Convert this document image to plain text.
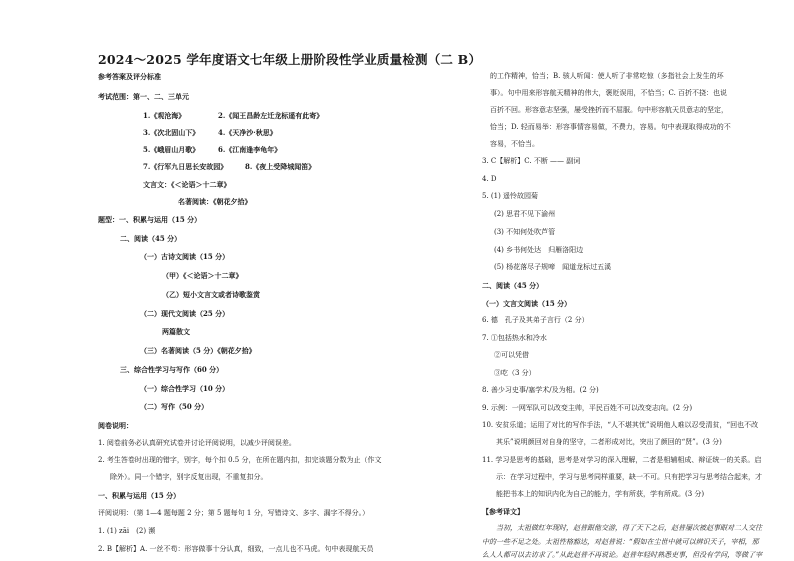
2024～2025 学年度语文七年级上册阶段性学业质量检测（二 B）
参考答案及评分标准
考试范围：第一、二、三单元
1.《观沧海》	2.《闻王昌龄左迁龙标遥有此寄》
3.《次北固山下》	4.《天净沙·秋思》
5.《峨眉山月歌》	6.《江南逢李龟年》
7.《行军九日思长安故园》	8.《夜上受降城闻笛》
文言文：《＜论语＞十二章》
名著阅读：《朝花夕拾》
题型：一、积累与运用（15 分）
二、阅读（45 分）
（一）古诗文阅读（15 分）
（甲）《＜论语＞十二章》
（乙）短小文言文或者诗歌鉴赏
（二）现代文阅读（25 分）
两篇散文
（三）名著阅读（5 分）《朝花夕拾》
三、综合性学习与写作（60 分）
（一）综合性学习（10 分）
（二）写作（50 分）
阅卷说明：
1. 阅卷前务必认真研究试卷并讨论评阅说明，以减少评阅误差。
2. 考生答卷时出现的错字，别字，每个扣 0.5 分，在所在题内扣，扣完该题分数为止（作文
除外）。同一个错字，别字反复出现，不重复扣分。
一、积累与运用（15 分）
评阅说明：（第 1—4 题每题 2 分；第 5 题每句 1 分，写错诗文、多字、漏字不得分。）
1. (1) zāi　(2) 濒
2. B【解析】A. 一丝不苟：形容做事十分认真，细致，一点儿也不马虎。句中表现航天员
的工作精神，恰当；B. 骇人听闻：使人听了非常吃惊（多指社会上发生的坏
事）。句中用来形容航天精神的伟大，褒贬误用，不恰当；C. 百折不挠：也说
百折不回。形容意志坚强，屡受挫折而不屈服。句中形容航天员意志的坚定，
恰当；D. 轻而易举：形容事情容易做，不费力，容易。句中表现取得成功的不
容易，不恰当。
3. C【解析】C. 不断 —— 副词
4. D
5. (1) 遥怜故园菊
(2) 思君不见下渝州
(3) 不知何处吹芦管
(4) 乡书何处达　归雁洛阳边
(5) 杨花落尽子规啼　闻道龙标过五溪
二、阅读（45 分）
（一）文言文阅读（15 分）
6. 德　孔子及其弟子言行（2 分）
7. ①包括热水和冷水
②可以凭借
③吃（3 分）
8. 善少习史事/塞学术/及为相。(2 分)
9. 示例：一网军队可以改变主帅，平民百姓不可以改变志向。(2 分)
10. 安贫乐道；运用了对比的写作手法，“人不堪其忧”说明他人难以忍受清贫，“回也不改
其乐”说明颜回对自身的坚守，二者形成对比，突出了颜回的“贤”。(3 分)
11. 学习是思考的基础，思考是对学习的深入理解，二者是相辅相成、辩证统一的关系。启
示：在学习过程中，学习与思考同样重要，缺一不可。只有把学习与思考结合起来，才
能把书本上的知识内化为自己的能力，学有所获，学有所成。(3 分)
【参考译文】
当初，太祖做红年现时，赵普跟他交游，得了天下之后，赵普屡次被赵事眼对二人交往
中的一些不足之处。太祖性格豁达，对赵普说：“假如在尘世中就可以辨识天子，宰相，那
么人人都可以去访求了。”从此赵普不再说论。赵普年轻时熟悉吏事，但没有学问，等做了宰
